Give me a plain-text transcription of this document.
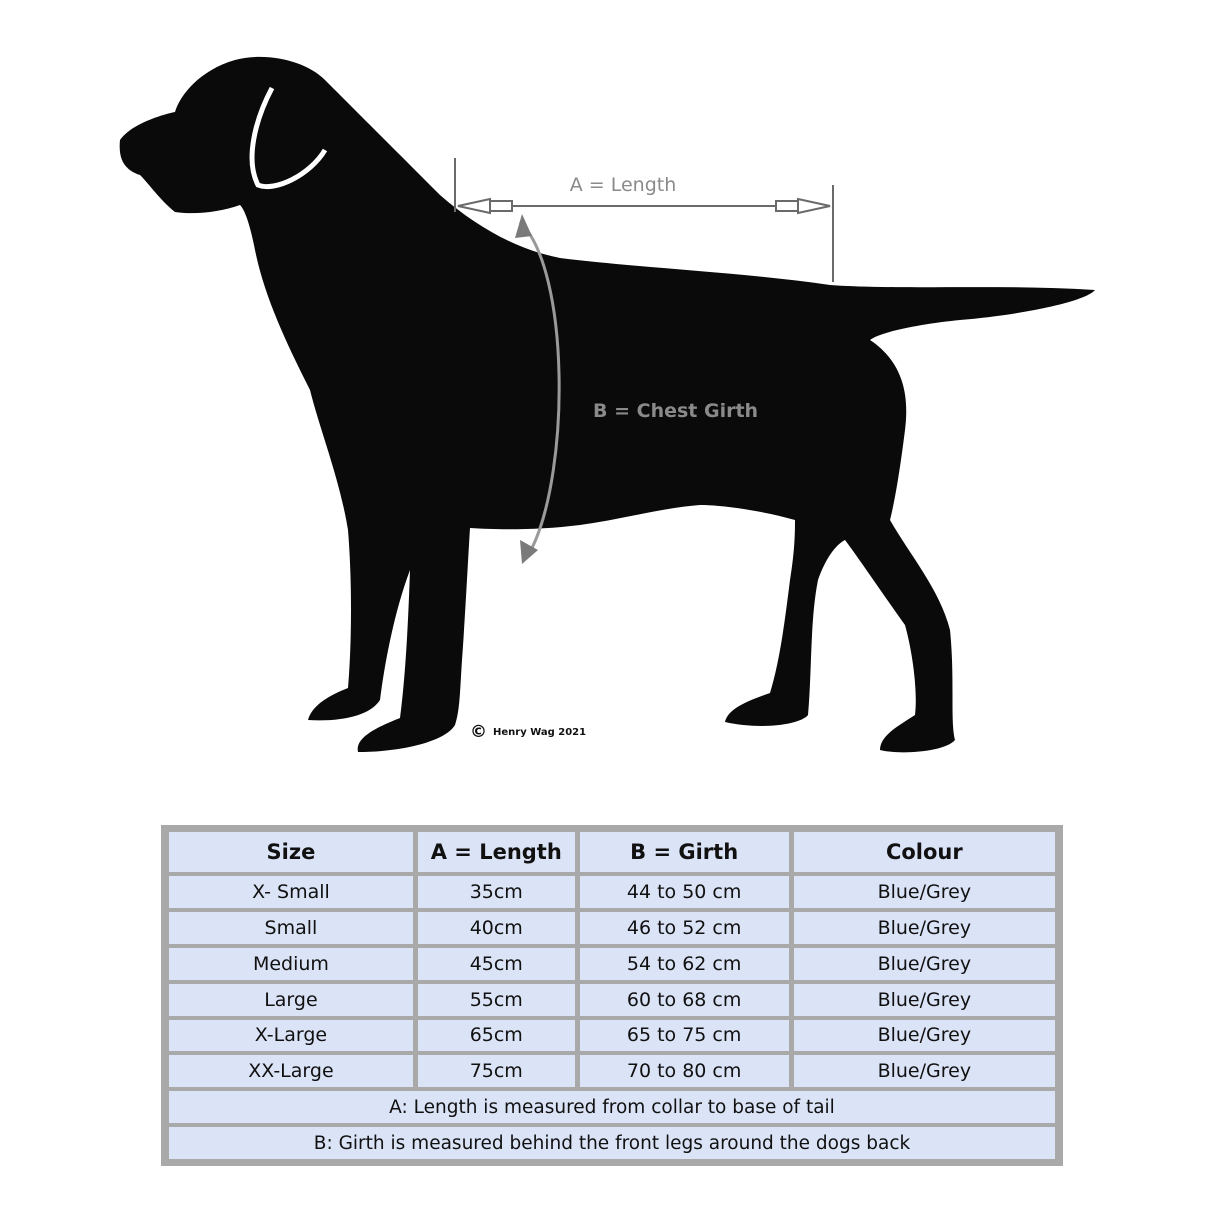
A = Length
B = Chest Girth
© Henry Wag 2021
Size	A = Length	B = Girth	Colour
X- Small	35cm	44 to 50 cm	Blue/Grey
Small	40cm	46 to 52 cm	Blue/Grey
Medium	45cm	54 to 62 cm	Blue/Grey
Large	55cm	60 to 68 cm	Blue/Grey
X-Large	65cm	65 to 75 cm	Blue/Grey
XX-Large	75cm	70 to 80 cm	Blue/Grey
A: Length is measured from collar to base of tail			
B: Girth is measured behind the front legs around the dogs back			
